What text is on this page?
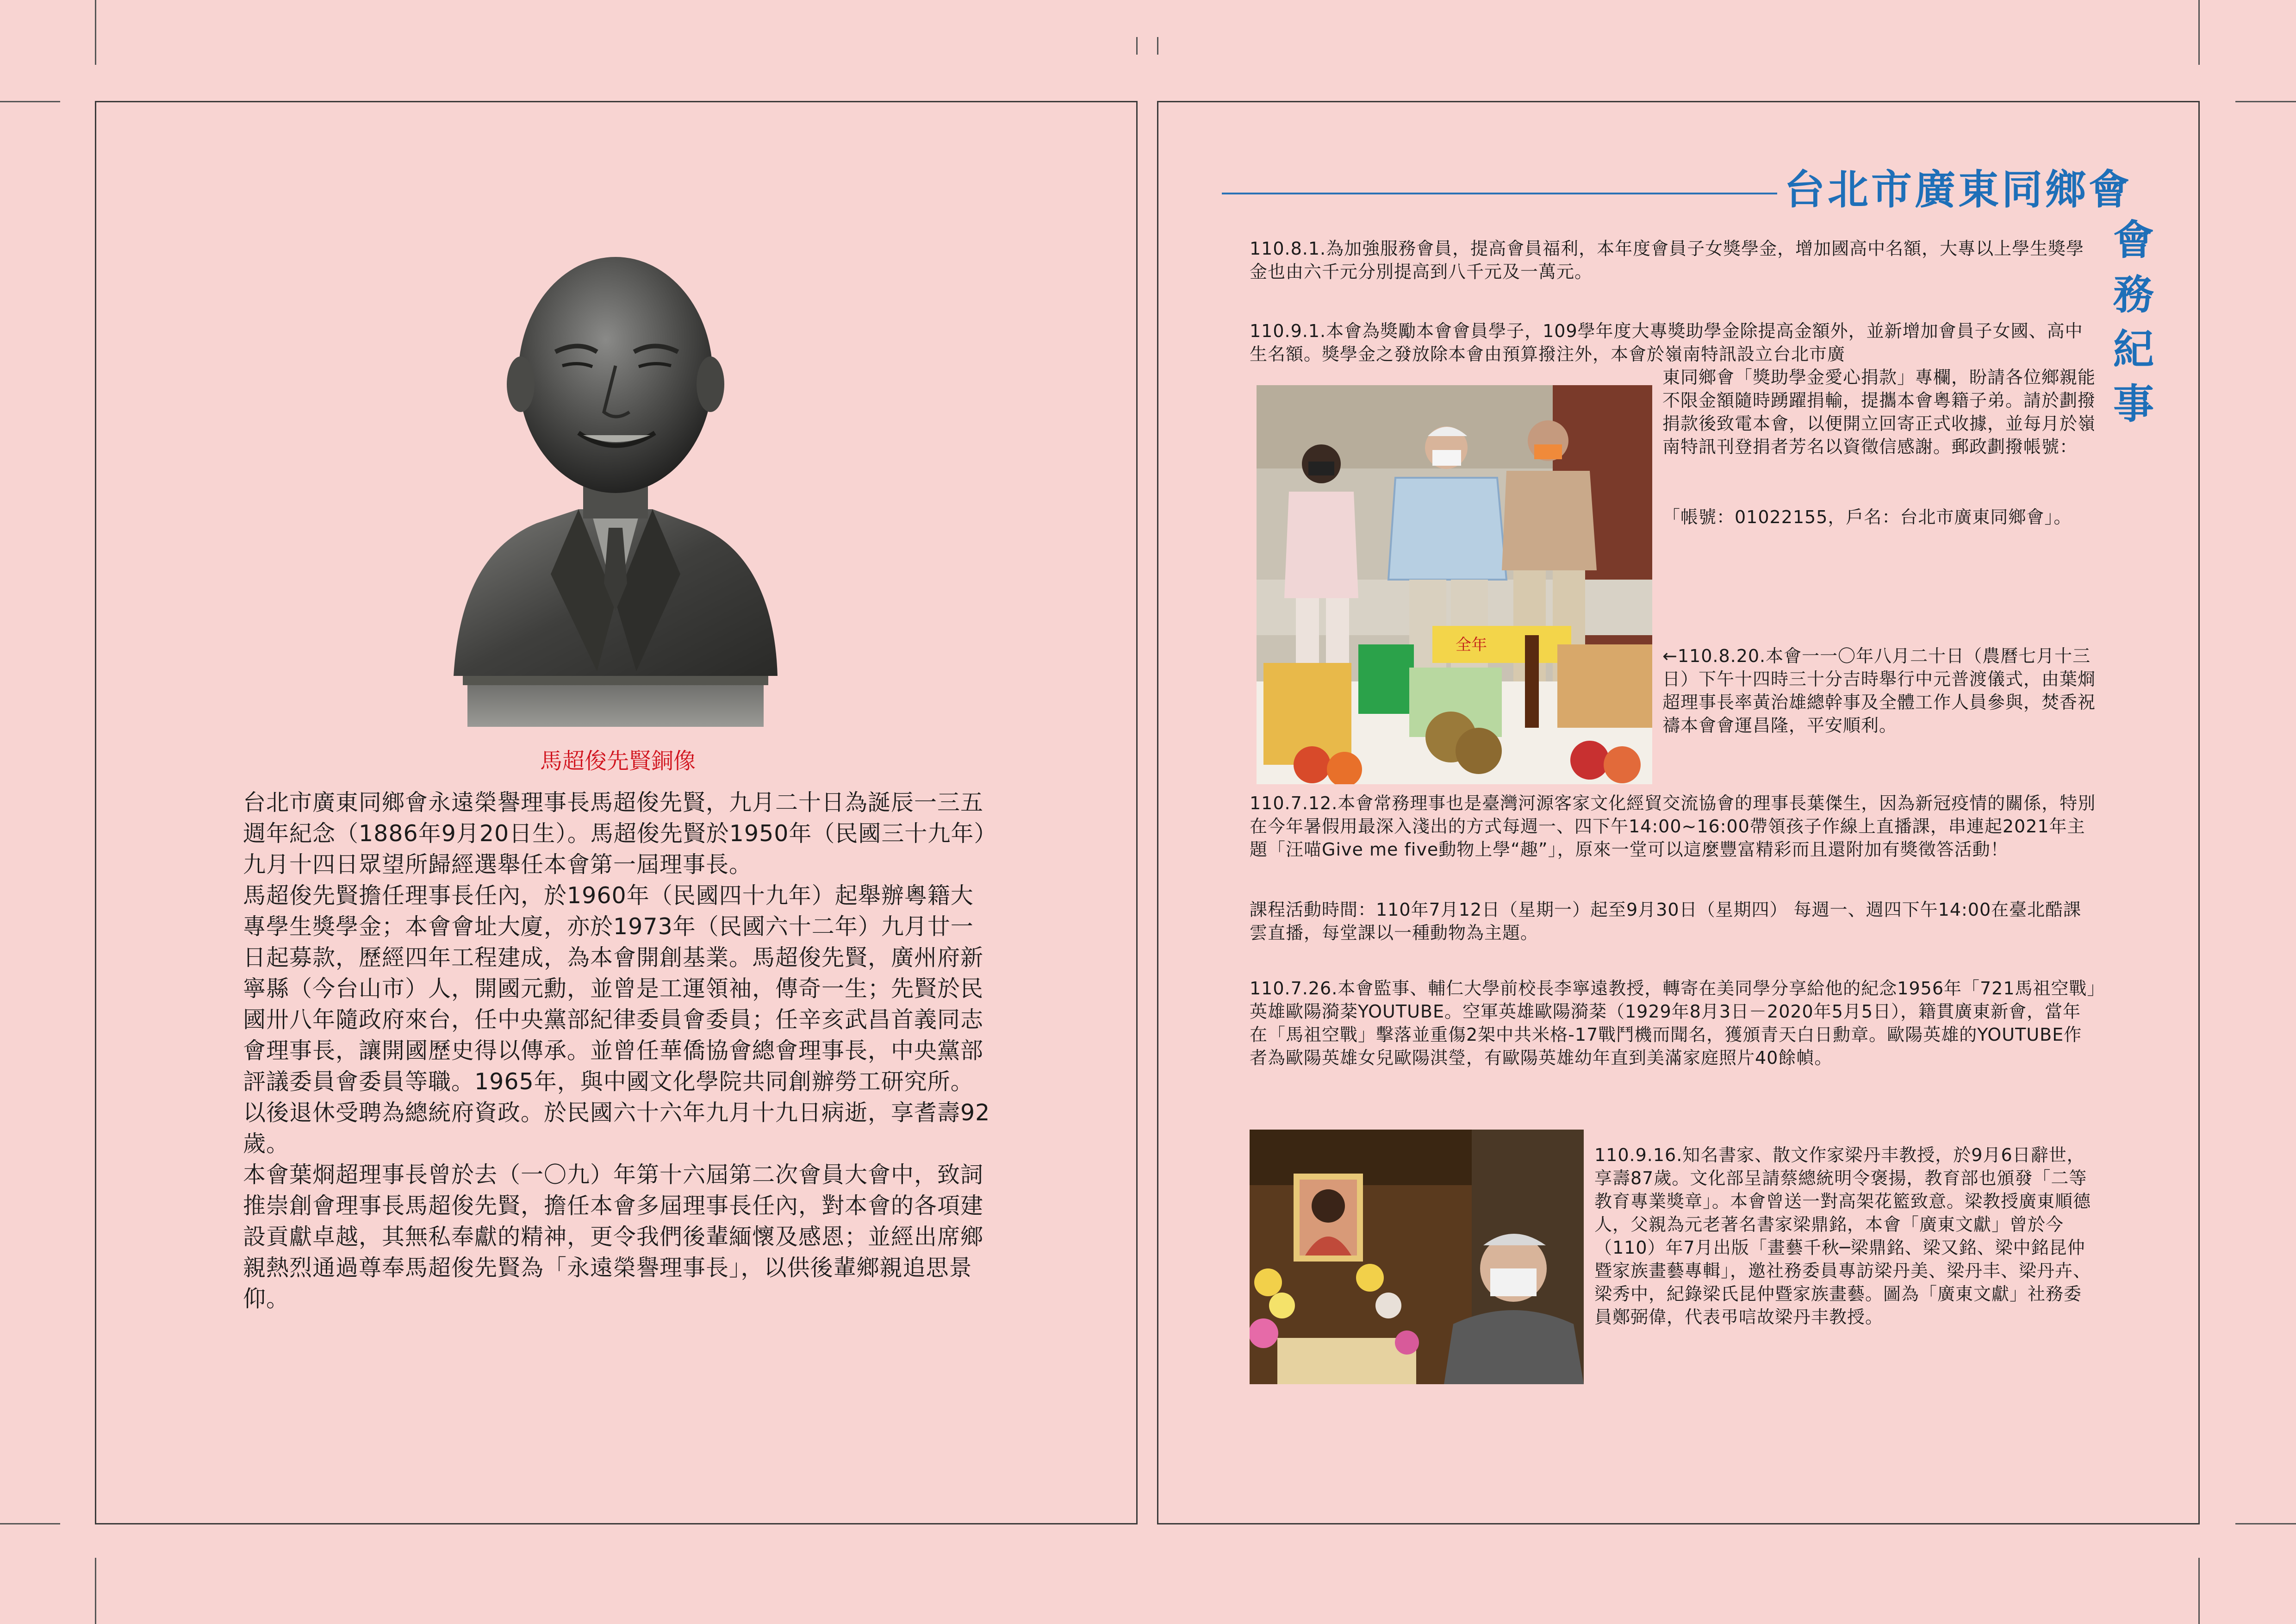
馬超俊先賢銅像

台北市廣東同鄉會永遠榮譽理事長馬超俊先賢，九月二十日為誕辰一三五週年紀念（1886年9月20日生）。馬超俊先賢於1950年（民國三十九年）九月十四日眾望所歸經選舉任本會第一屆理事長。

馬超俊先賢擔任理事長任內，於1960年（民國四十九年）起舉辦粵籍大專學生獎學金；本會會址大廈，亦於1973年（民國六十二年）九月廿一日起募款，歷經四年工程建成，為本會開創基業。馬超俊先賢，廣州府新寧縣（今台山市）人，開國元勳，並曾是工運領袖，傳奇一生；先賢於民國卅八年隨政府來台，任中央黨部紀律委員會委員；任辛亥武昌首義同志會理事長，讓開國歷史得以傳承。並曾任華僑協會總會理事長，中央黨部評議委員會委員等職。1965年，與中國文化學院共同創辦勞工研究所。以後退休受聘為總統府資政。於民國六十六年九月十九日病逝，享耆壽92歲。

本會葉烱超理事長曾於去（一〇九）年第十六屆第二次會員大會中，致詞推崇創會理事長馬超俊先賢，擔任本會多屆理事長任內，對本會的各項建設貢獻卓越，其無私奉獻的精神，更令我們後輩緬懷及感恩；並經出席鄉親熱烈通過尊奉馬超俊先賢為「永遠榮譽理事長」，以供後輩鄉親追思景仰。

台北市廣東同鄉會
會務紀事

110.8.1.為加強服務會員，提高會員福利，本年度會員子女獎學金，增加國高中名額，大專以上學生獎學金也由六千元分別提高到八千元及一萬元。

110.9.1.本會為獎勵本會會員學子，109學年度大專獎助學金除提高金額外，並新增加會員子女國、高中生名額。獎學金之發放除本會由預算撥注外，本會於嶺南特訊設立台北市廣

全年

東同鄉會「獎助學金愛心捐款」專欄，盼請各位鄉親能不限金額隨時踴躍捐輸，提攜本會粵籍子弟。請於劃撥捐款後致電本會，以便開立回寄正式收據，並每月於嶺南特訊刊登捐者芳名以資徵信感謝。郵政劃撥帳號：

「帳號：01022155，戶名：台北市廣東同鄉會」。

←110.8.20.本會一一〇年八月二十日（農曆七月十三日）下午十四時三十分吉時舉行中元普渡儀式，由葉烱超理事長率黃治雄總幹事及全體工作人員參與，焚香祝禱本會會運昌隆，平安順利。

110.7.12.本會常務理事也是臺灣河源客家文化經貿交流協會的理事長葉傑生，因為新冠疫情的關係，特別在今年暑假用最深入淺出的方式每週一、四下午14:00~16:00帶領孩子作線上直播課，串連起2021年主題「汪喵Give me five動物上學“趣”」，原來一堂可以這麼豐富精彩而且還附加有獎徵答活動！

課程活動時間：110年7月12日（星期一）起至9月30日（星期四） 每週一、週四下午14:00在臺北酷課雲直播，每堂課以一種動物為主題。

110.7.26.本會監事、輔仁大學前校長李寧遠教授，轉寄在美同學分享給他的紀念1956年「721馬祖空戰」英雄歐陽漪棻YOUTUBE。空軍英雄歐陽漪棻（1929年8月3日－2020年5月5日），籍貫廣東新會，當年在「馬祖空戰」擊落並重傷2架中共米格-17戰鬥機而聞名，獲頒青天白日勳章。歐陽英雄的YOUTUBE作者為歐陽英雄女兒歐陽淇瑩，有歐陽英雄幼年直到美滿家庭照片40餘幀。

110.9.16.知名書家、散文作家梁丹丰教授，於9月6日辭世，享壽87歲。文化部呈請蔡總統明令褒揚，教育部也頒發「二等教育專業獎章」。本會曾送一對高架花籃致意。梁教授廣東順德人，父親為元老著名書家梁鼎銘，本會「廣東文獻」曾於今（110）年7月出版「畫藝千秋─梁鼎銘、梁又銘、梁中銘昆仲暨家族畫藝專輯」，邀社務委員專訪梁丹美、梁丹丰、梁丹卉、梁秀中，紀錄梁氏昆仲暨家族畫藝。圖為「廣東文獻」社務委員鄭弼偉，代表弔唁故梁丹丰教授。
